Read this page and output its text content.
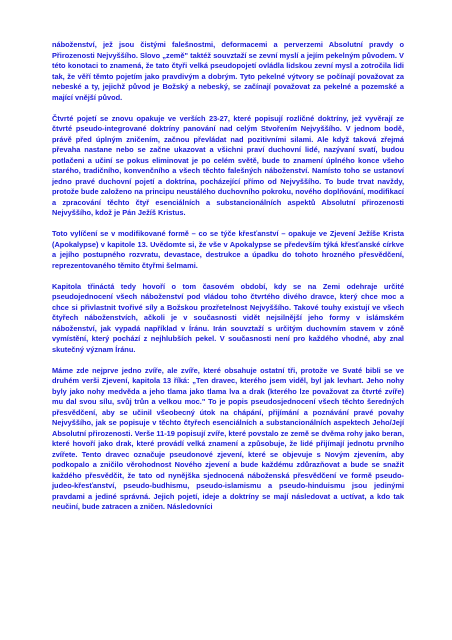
náboženství, jež jsou čistými falešnostmi, deformacemi a perverzemi Absolutní pravdy o Přirozenosti Nejvyššího. Slovo „země" taktéž souvztaží se zevní myslí a jejím pekelným původem. V této konotaci to znamená, že tato čtyři velká pseudopojetí ovládla lidskou zevní mysl a zotročila lidi tak, že věří těmto pojetím jako pravdivým a dobrým. Tyto pekelné výtvory se počínají považovat za nebeské a ty, jejichž původ je Božský a nebeský, se začínají považovat za pekelné a pozemské a mající vnější původ.

Čtvrté pojetí se znovu opakuje ve verších 23-27, které popisují rozličné doktríny, jež vyvěrají ze čtvrté pseudo-integrované doktríny panování nad celým Stvořením Nejvyššího. V jednom bodě, právě před úplným zničením, začnou převládat nad pozitivními silami. Ale když taková zřejmá převaha nastane nebo se začne ukazovat a všichni praví duchovní lidé, nazývaní svatí, budou potlačeni a učiní se pokus eliminovat je po celém světě, bude to znamení úplného konce všeho starého, tradičního, konvenčního a všech těchto falešných náboženství. Namísto toho se ustanoví jedno pravé duchovní pojetí a doktrína, pocházející přímo od Nejvyššího. To bude trvat navždy, protože bude založeno na principu neustálého duchovního pokroku, nového doplňování, modifikací a zpracování těchto čtyř esenciálních a substancionálních aspektů Absolutní přirozenosti Nejvyššího, kdož je Pán Ježíš Kristus.

Toto vylíčení se v modifikované formě – co se týče křesťanství – opakuje ve Zjevení Ježíše Krista (Apokalypse) v kapitole 13. Uvědomte si, že vše v Apokalypse se především týká křesťanské církve a jejího postupného rozvratu, devastace, destrukce a úpadku do tohoto hrozného přesvědčení, reprezentovaného těmito čtyřmi šelmami.

Kapitola třináctá tedy hovoří o tom časovém období, kdy se na Zemi odehraje určité pseudojednocení všech náboženství pod vládou toho čtvrtého divého dravce, který chce moc a chce si přivlastnit tvořivé síly a Božskou prozřetelnost Nejvyššího. Takové touhy existují ve všech čtyřech náboženstvích, ačkoli je v současnosti vidět nejsilnější jeho formy v islámském náboženství, jak vypadá například v Íránu. Irán souvztaží s určitým duchovním stavem v zóně vymístění, který pochází z nejhlubších pekel. V současnosti není pro každého vhodné, aby znal skutečný význam Íránu.

Máme zde nejprve jedno zvíře, ale zvíře, které obsahuje ostatní tři, protože ve Svaté bibli se ve druhém verši Zjevení, kapitola 13 říká: „Ten dravec, kterého jsem viděl, byl jak levhart. Jeho nohy byly jako nohy medvěda a jeho tlama jako tlama lva a drak (kterého lze považovat za čtvrté zvíře) mu dal svou sílu, svůj trůn a velkou moc." To je popis pseudosjednocení všech těchto šeredných přesvědčení, aby se učinil všeobecný útok na chápání, přijímání a poznávání pravé povahy Nejvyššího, jak se popisuje v těchto čtyřech esenciálních a substancionálních aspektech Jeho/Její Absolutní přirozenosti. Verše 11-19 popisují zvíře, které povstalo ze země se dvěma rohy jako beran, které hovoří jako drak, které provádí velká znamení a způsobuje, že lidé přijímají jednotu prvního zvířete. Tento dravec označuje pseudonové zjevení, které se objevuje s Novým zjevením, aby podkopalo a zničilo věrohodnost Nového zjevení a bude každému zdůrazňovat a bude se snažit každého přesvědčit, že tato od nynějška sjednocená náboženská přesvědčení ve formě pseudo-judeo-křesťanství, pseudo-budhismu, pseudo-islamismu a pseudo-hinduismu jsou jedinými pravdami a jediné správná. Jejich pojetí, ideje a doktríny se mají následovat a uctívat, a kdo tak neučiní, bude zatracen a zničen. Následovníci
